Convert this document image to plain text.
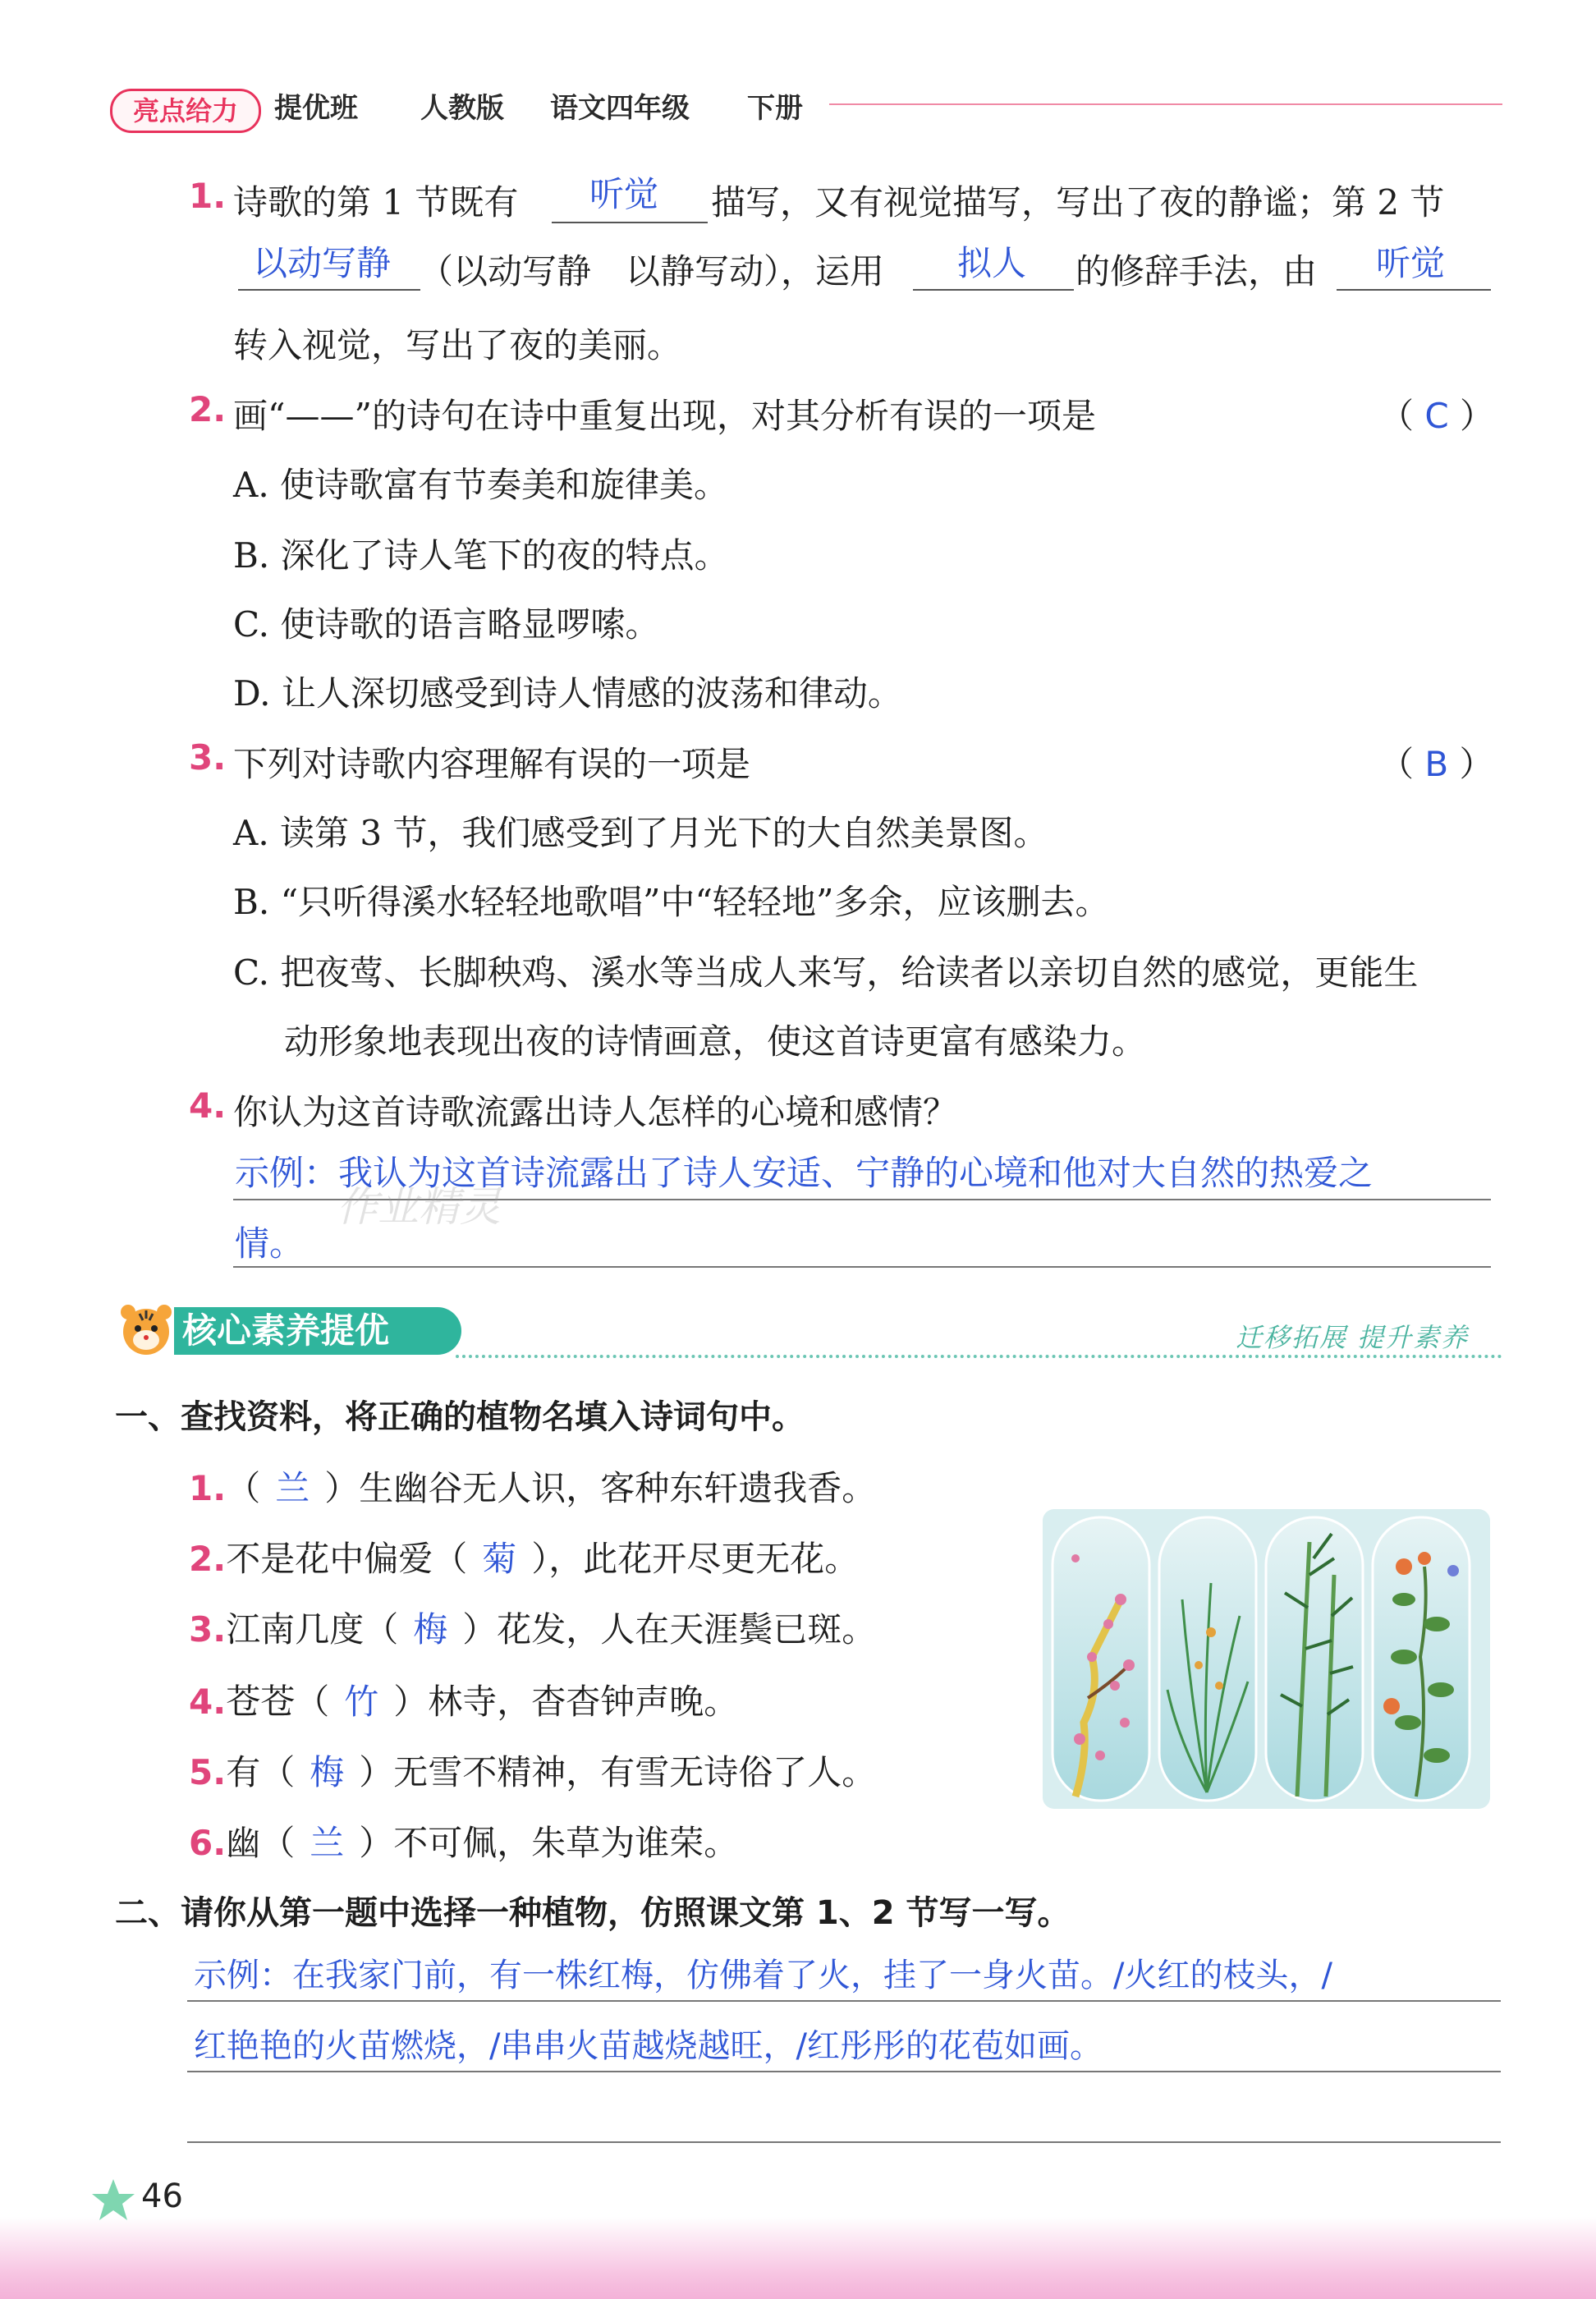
亮点给力	提优班 人教版 语文四年级 下册
1. 诗歌的第 1 节既有 听觉 描写，又有视觉描写，写出了夜的静谧；第 2 节
以动写静 （以动写静　以静写动），运用 拟人 的修辞手法，由 听觉
转入视觉，写出了夜的美丽。
2. 画“——”的诗句在诗中重复出现，对其分析有误的一项是	（ C ）
A. 使诗歌富有节奏美和旋律美。
B. 深化了诗人笔下的夜的特点。
C. 使诗歌的语言略显啰嗦。
D. 让人深切感受到诗人情感的波荡和律动。
3. 下列对诗歌内容理解有误的一项是	（ B ）
A. 读第 3 节，我们感受到了月光下的大自然美景图。
B. “只听得溪水轻轻地歌唱”中“轻轻地”多余，应该删去。
C. 把夜莺、长脚秧鸡、溪水等当成人来写，给读者以亲切自然的感觉，更能生
动形象地表现出夜的诗情画意，使这首诗更富有感染力。
4. 你认为这首诗歌流露出诗人怎样的心境和感情？
示例：我认为这首诗流露出了诗人安适、宁静的心境和他对大自然的热爱之
情。
作业精灵
核心素养提优	迁移拓展 提升素养
一、查找资料，将正确的植物名填入诗词句中。
1.（ 兰 ）生幽谷无人识，客种东轩遗我香。
2.不是花中偏爱（ 菊 ），此花开尽更无花。
3.江南几度（ 梅 ）花发，人在天涯鬓已斑。
4.苍苍（ 竹 ）林寺，杳杳钟声晚。
5.有（ 梅 ）无雪不精神，有雪无诗俗了人。
6.幽（ 兰 ）不可佩，朱草为谁荣。
二、请你从第一题中选择一种植物，仿照课文第 1、2 节写一写。
示例：在我家门前，有一株红梅，仿佛着了火，挂了一身火苗。/火红的枝头，/
红艳艳的火苗燃烧，/串串火苗越烧越旺，/红彤彤的花苞如画。
46
